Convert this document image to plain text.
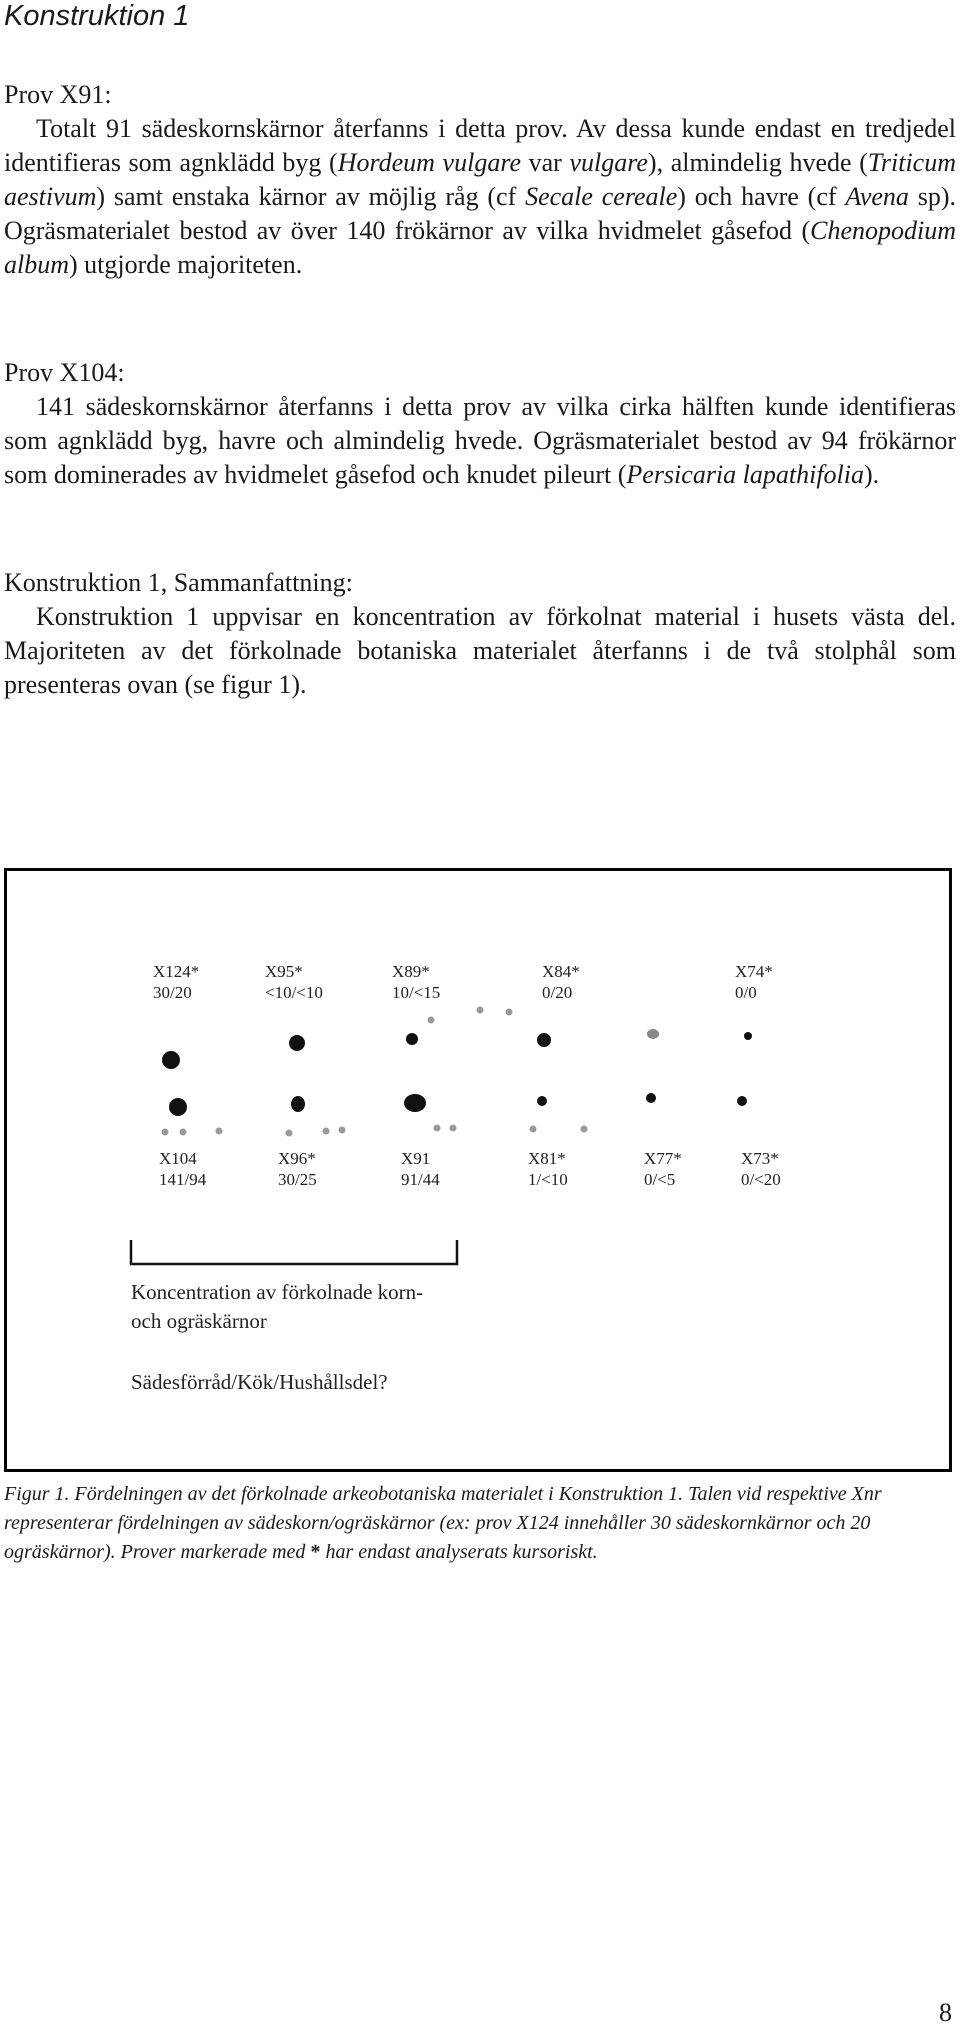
Konstruktion 1

Prov X91:

Totalt 91 sädeskornskärnor återfanns i detta prov. Av dessa kunde endast en tredjedel identifieras som agnklädd byg (Hordeum vulgare var vulgare), almindelig hvede (Triticum aestivum) samt enstaka kärnor av möjlig råg (cf Secale cereale) och havre (cf Avena sp). Ogräsmaterialet bestod av över 140 frökärnor av vilka hvidmelet gåsefod (Chenopodium album) utgjorde majoriteten.

Prov X104:

141 sädeskornskärnor återfanns i detta prov av vilka cirka hälften kunde identifieras som agnklädd byg, havre och almindelig hvede. Ogräsmaterialet bestod av 94 frökärnor som dominerades av hvidmelet gåsefod och knudet pileurt (Persicaria lapathifolia).

Konstruktion 1, Sammanfattning:

Konstruktion 1 uppvisar en koncentration av förkolnat material i husets västa del. Majoriteten av det förkolnade botaniska materialet återfanns i de två stolphål som presenteras ovan (se figur 1).

X124*
30/20
X95*
<10/<10
X89*
10/<15
X84*
0/20
X74*
0/0
X104
141/94
X96*
30/25
X91
91/44
X81*
1/<10
X77*
0/<5
X73*
0/<20
Koncentration av förkolnade korn-
och ogräskärnor
Sädesförråd/Kök/Hushållsdel?
Figur 1. Fördelningen av det förkolnade arkeobotaniska materialet i Konstruktion 1. Talen vid respektive Xnr representerar fördelningen av sädeskorn/ogräskärnor (ex: prov X124 innehåller 30 sädeskornkärnor och 20 ogräskärnor). Prover markerade med * har endast analyserats kursoriskt.
8
